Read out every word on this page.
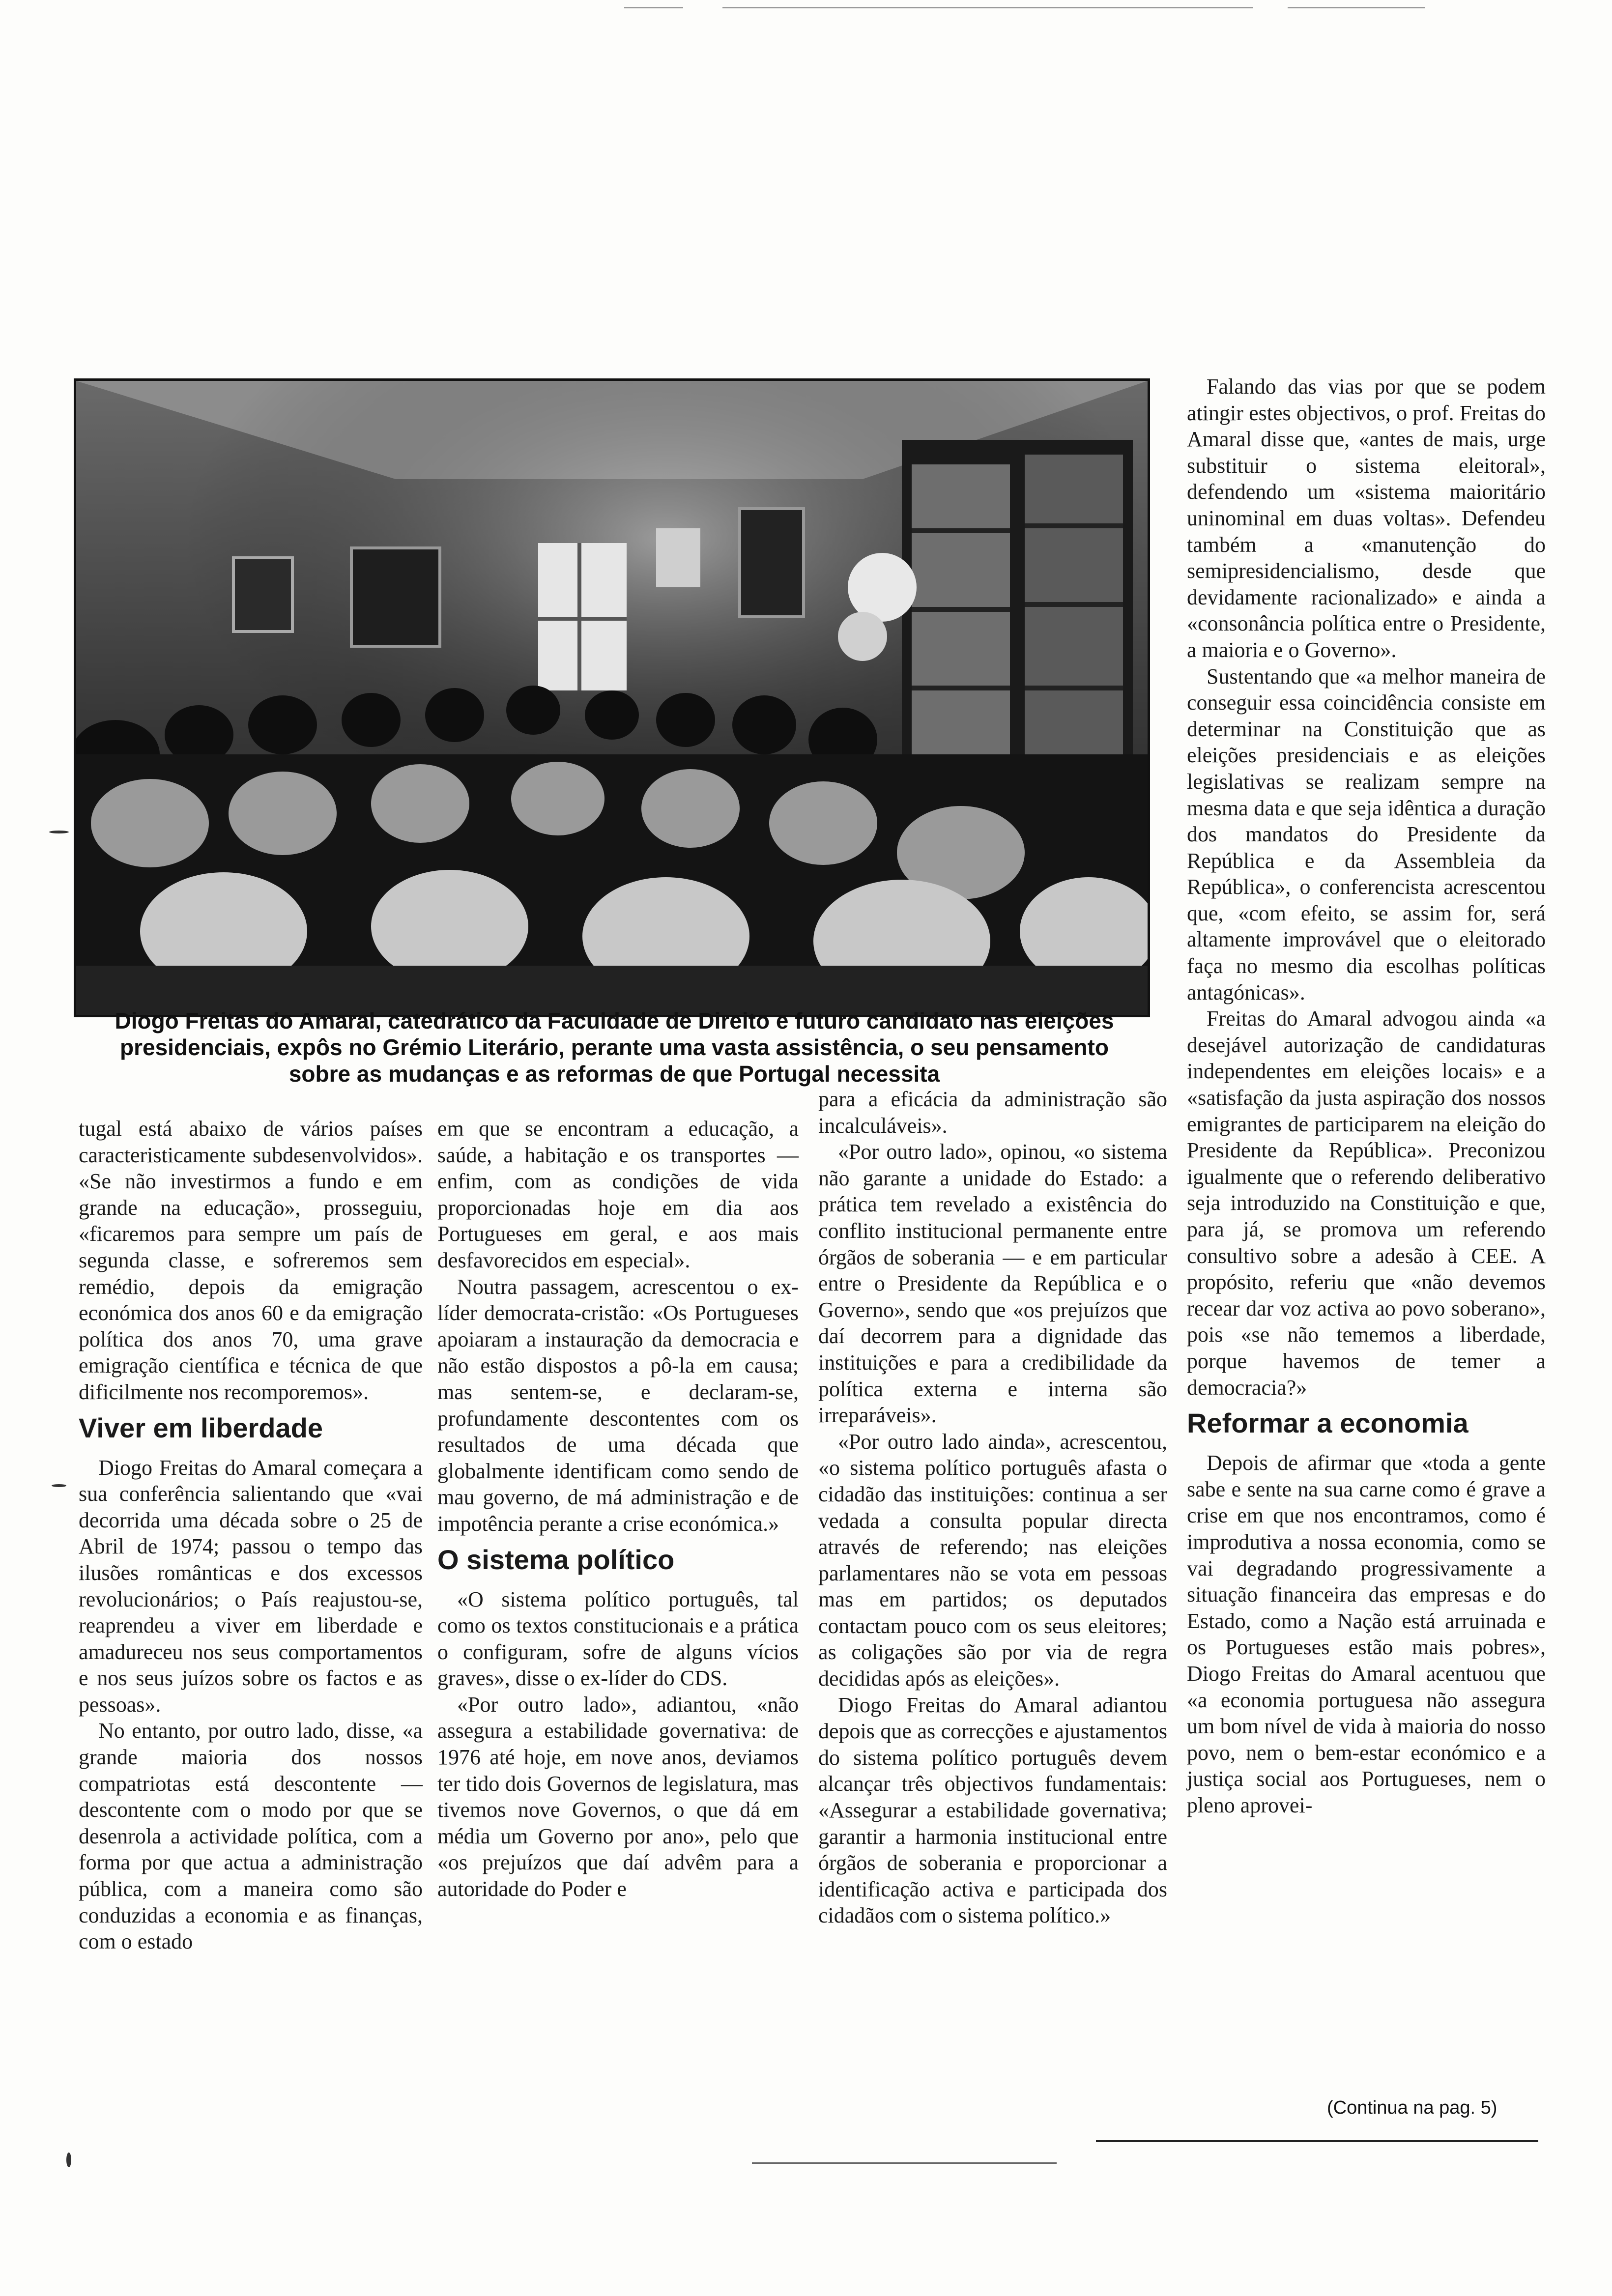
Diogo Freitas do Amaral, catedrático da Faculdade de Direito e futuro candidato nas eleições
presidenciais, expôs no Grémio Literário, perante uma vasta assistência, o seu pensamento
sobre as mudanças e as reformas de que Portugal necessita

tugal está abaixo de vários países caracteristicamente subdesenvolvidos». «Se não investirmos a fundo e em grande na educação», prosseguiu, «ficaremos para sempre um país de segunda classe, e sofreremos sem remédio, depois da emigração económica dos anos 60 e da emigração política dos anos 70, uma grave emigração científica e técnica de que dificilmente nos recomporemos».

Viver em liberdade

Diogo Freitas do Amaral começara a sua conferência salientando que «vai decorrida uma década sobre o 25 de Abril de 1974; passou o tempo das ilusões românticas e dos excessos revolucionários; o País reajustou-se, reaprendeu a viver em liberdade e amadureceu nos seus comportamentos e nos seus juízos sobre os factos e as pessoas».

No entanto, por outro lado, disse, «a grande maioria dos nossos compatriotas está descontente — descontente com o modo por que se desenrola a actividade política, com a forma por que actua a administração pública, com a maneira como são conduzidas a economia e as finanças, com o estado

em que se encontram a educação, a saúde, a habitação e os transportes — enfim, com as condições de vida proporcionadas hoje em dia aos Portugueses em geral, e aos mais desfavorecidos em especial».

Noutra passagem, acrescentou o ex-líder democrata-cristão: «Os Portugueses apoiaram a instauração da democracia e não estão dispostos a pô-la em causa; mas sentem-se, e declaram-se, profundamente descontentes com os resultados de uma década que globalmente identificam como sendo de mau governo, de má administração e de impotência perante a crise económica.»

O sistema político

«O sistema político português, tal como os textos constitucionais e a prática o configuram, sofre de alguns vícios graves», disse o ex-líder do CDS.

«Por outro lado», adiantou, «não assegura a estabilidade governativa: de 1976 até hoje, em nove anos, deviamos ter tido dois Governos de legislatura, mas tivemos nove Governos, o que dá em média um Governo por ano», pelo que «os prejuízos que daí advêm para a autoridade do Poder e

para a eficácia da administração são incalculáveis».

«Por outro lado», opinou, «o sistema não garante a unidade do Estado: a prática tem revelado a existência do conflito institucional permanente entre órgãos de soberania — e em particular entre o Presidente da República e o Governo», sendo que «os prejuízos que daí decorrem para a dignidade das instituições e para a credibilidade da política externa e interna são irreparáveis».

«Por outro lado ainda», acrescentou, «o sistema político português afasta o cidadão das instituições: continua a ser vedada a consulta popular directa através de referendo; nas eleições parlamentares não se vota em pessoas mas em partidos; os deputados contactam pouco com os seus eleitores; as coligações são por via de regra decididas após as eleições».

Diogo Freitas do Amaral adiantou depois que as correcções e ajustamentos do sistema político português devem alcançar três objectivos fundamentais: «Assegurar a estabilidade governativa; garantir a harmonia institucional entre órgãos de soberania e proporcionar a identificação activa e participada dos cidadãos com o sistema político.»

Falando das vias por que se podem atingir estes objectivos, o prof. Freitas do Amaral disse que, «antes de mais, urge substituir o sistema eleitoral», defendendo um «sistema maioritário uninominal em duas voltas». Defendeu também a «manutenção do semipresidencialismo, desde que devidamente racionalizado» e ainda a «consonância política entre o Presidente, a maioria e o Governo».

Sustentando que «a melhor maneira de conseguir essa coincidência consiste em determinar na Constituição que as eleições presidenciais e as eleições legislativas se realizam sempre na mesma data e que seja idêntica a duração dos mandatos do Presidente da República e da Assembleia da República», o conferencista acrescentou que, «com efeito, se assim for, será altamente improvável que o eleitorado faça no mesmo dia escolhas políticas antagónicas».

Freitas do Amaral advogou ainda «a desejável autorização de candidaturas independentes em eleições locais» e a «satisfação da justa aspiração dos nossos emigrantes de participarem na eleição do Presidente da República». Preconizou igualmente que o referendo deliberativo seja introduzido na Constituição e que, para já, se promova um referendo consultivo sobre a adesão à CEE. A propósito, referiu que «não devemos recear dar voz activa ao povo soberano», pois «se não tememos a liberdade, porque havemos de temer a democracia?»

Reformar a economia

Depois de afirmar que «toda a gente sabe e sente na sua carne como é grave a crise em que nos encontramos, como é improdutiva a nossa economia, como se vai degradando progressivamente a situação financeira das empresas e do Estado, como a Nação está arruinada e os Portugueses estão mais pobres», Diogo Freitas do Amaral acentuou que «a economia portuguesa não assegura um bom nível de vida à maioria do nosso povo, nem o bem-estar económico e a justiça social aos Portugueses, nem o pleno aprovei-

(Continua na pag. 5)
